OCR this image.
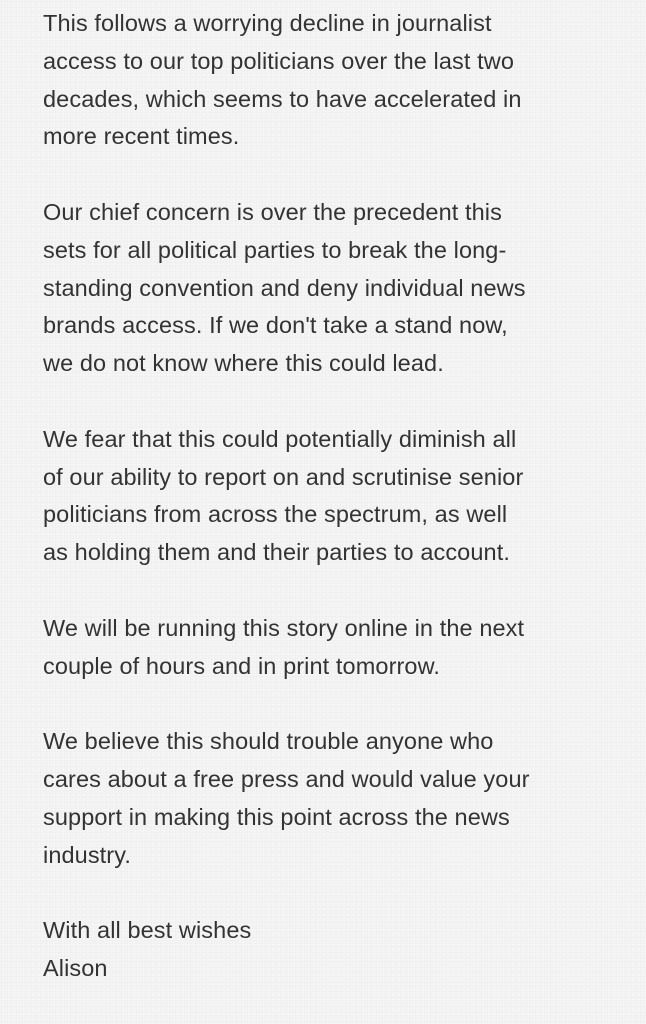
This follows a worrying decline in journalist
access to our top politicians over the last two
decades, which seems to have accelerated in
more recent times.

Our chief concern is over the precedent this
sets for all political parties to break the long-
standing convention and deny individual news
brands access. If we don't take a stand now,
we do not know where this could lead.

We fear that this could potentially diminish all
of our ability to report on and scrutinise senior
politicians from across the spectrum, as well
as holding them and their parties to account.

We will be running this story online in the next
couple of hours and in print tomorrow.

We believe this should trouble anyone who
cares about a free press and would value your
support in making this point across the news
industry.

With all best wishes
Alison
